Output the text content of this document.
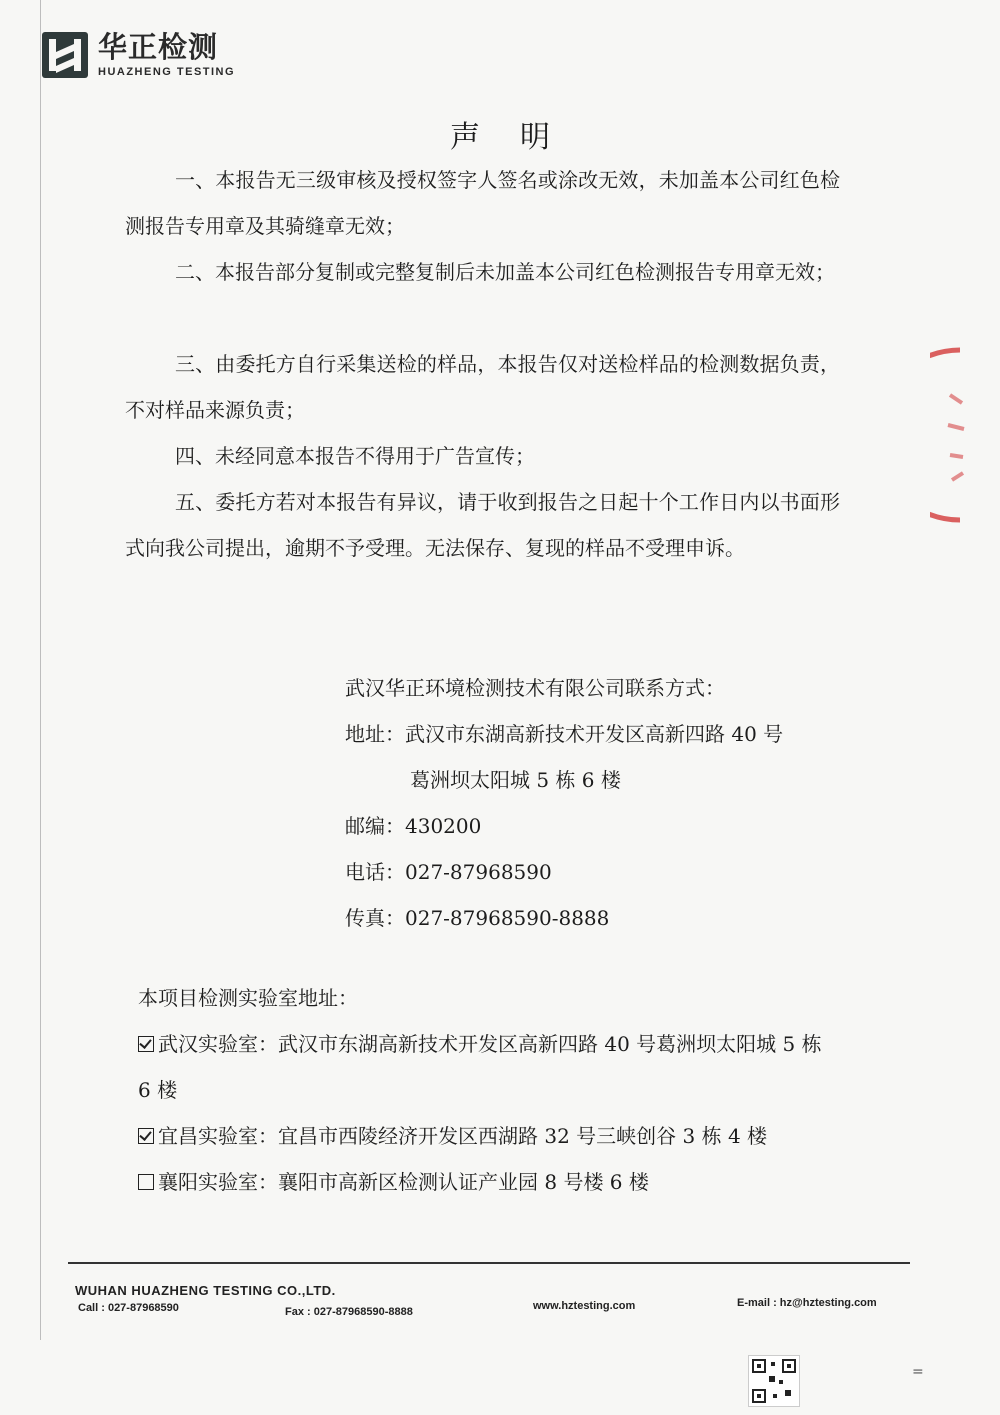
华正检测
HUAZHENG TESTING
声明
一、本报告无三级审核及授权签字人签名或涂改无效，未加盖本公司红色检测报告专用章及其骑缝章无效；
二、本报告部分复制或完整复制后未加盖本公司红色检测报告专用章无效；
三、由委托方自行采集送检的样品，本报告仅对送检样品的检测数据负责，不对样品来源负责；
四、未经同意本报告不得用于广告宣传；
五、委托方若对本报告有异议，请于收到报告之日起十个工作日内以书面形式向我公司提出，逾期不予受理。无法保存、复现的样品不受理申诉。
武汉华正环境检测技术有限公司联系方式：
地址：武汉市东湖高新技术开发区高新四路 40 号
葛洲坝太阳城 5 栋 6 楼
邮编：430200
电话：027-87968590
传真：027-87968590-8888
本项目检测实验室地址：
武汉实验室：武汉市东湖高新技术开发区高新四路 40 号葛洲坝太阳城 5 栋 6 楼
宜昌实验室：宜昌市西陵经济开发区西湖路 32 号三峡创谷 3 栋 4 楼
襄阳实验室：襄阳市高新区检测认证产业园 8 号楼 6 楼
WUHAN HUAZHENG TESTING CO.,LTD.
Call : 027-87968590	Fax : 027-87968590-8888	www.hztesting.com	E-mail : hz@hztesting.com
=
